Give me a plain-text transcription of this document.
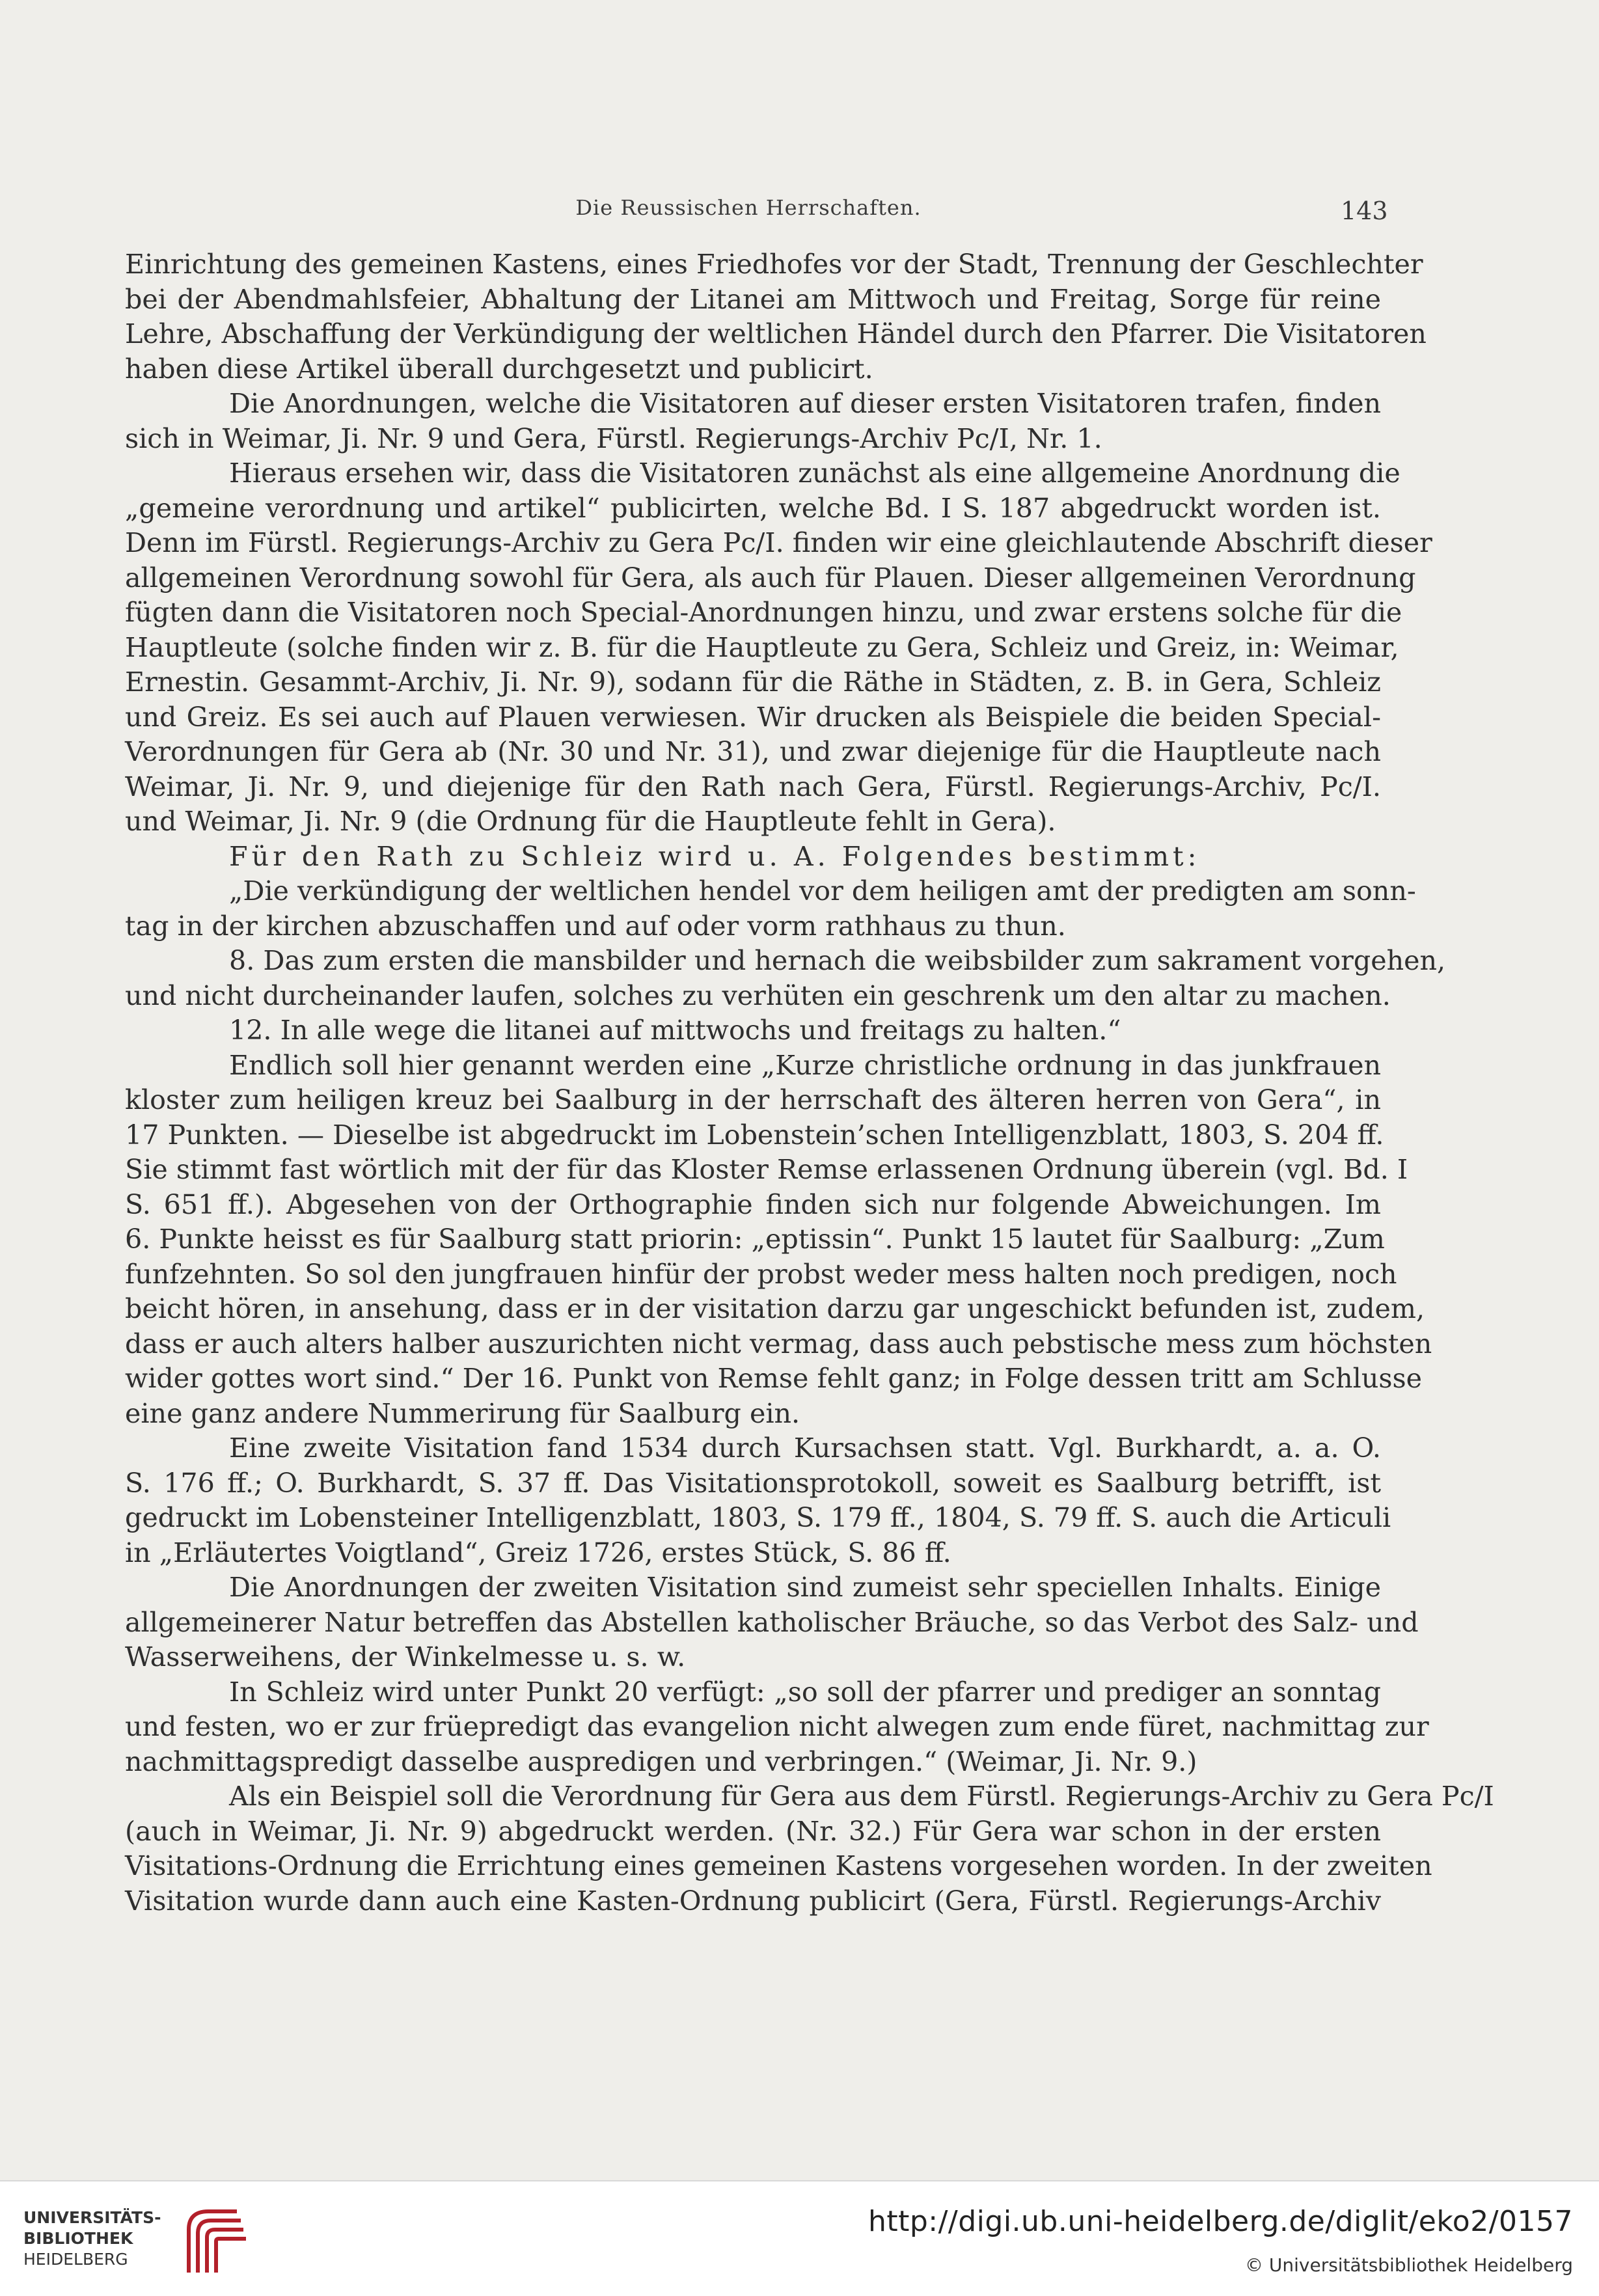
Die Reussischen Herrschaften.	143
Einrichtung des gemeinen Kastens, eines Friedhofes vor der Stadt, Trennung der Geschlechter
bei der Abendmahlsfeier, Abhaltung der Litanei am Mittwoch und Freitag, Sorge für reine
Lehre, Abschaffung der Verkündigung der weltlichen Händel durch den Pfarrer. Die Visitatoren
haben diese Artikel überall durchgesetzt und publicirt.
Die Anordnungen, welche die Visitatoren auf dieser ersten Visitatoren trafen, finden
sich in Weimar, Ji. Nr. 9 und Gera, Fürstl. Regierungs-Archiv Pc/I, Nr. 1.
Hieraus ersehen wir, dass die Visitatoren zunächst als eine allgemeine Anordnung die
„gemeine verordnung und artikel“ publicirten, welche Bd. I S. 187 abgedruckt worden ist.
Denn im Fürstl. Regierungs-Archiv zu Gera Pc/I. finden wir eine gleichlautende Abschrift dieser
allgemeinen Verordnung sowohl für Gera, als auch für Plauen. Dieser allgemeinen Verordnung
fügten dann die Visitatoren noch Special-Anordnungen hinzu, und zwar erstens solche für die
Hauptleute (solche finden wir z. B. für die Hauptleute zu Gera, Schleiz und Greiz, in: Weimar,
Ernestin. Gesammt-Archiv, Ji. Nr. 9), sodann für die Räthe in Städten, z. B. in Gera, Schleiz
und Greiz. Es sei auch auf Plauen verwiesen. Wir drucken als Beispiele die beiden Special-
Verordnungen für Gera ab (Nr. 30 und Nr. 31), und zwar diejenige für die Hauptleute nach
Weimar, Ji. Nr. 9, und diejenige für den Rath nach Gera, Fürstl. Regierungs-Archiv, Pc/I.
und Weimar, Ji. Nr. 9 (die Ordnung für die Hauptleute fehlt in Gera).
Für den Rath zu Schleiz wird u. A. Folgendes bestimmt:
„Die verkündigung der weltlichen hendel vor dem heiligen amt der predigten am sonn-
tag in der kirchen abzuschaffen und auf oder vorm rathhaus zu thun.
8. Das zum ersten die mansbilder und hernach die weibsbilder zum sakrament vorgehen,
und nicht durcheinander laufen, solches zu verhüten ein geschrenk um den altar zu machen.
12. In alle wege die litanei auf mittwochs und freitags zu halten.“
Endlich soll hier genannt werden eine „Kurze christliche ordnung in das junkfrauen
kloster zum heiligen kreuz bei Saalburg in der herrschaft des älteren herren von Gera“, in
17 Punkten. — Dieselbe ist abgedruckt im Lobenstein’schen Intelligenzblatt, 1803, S. 204 ff.
Sie stimmt fast wörtlich mit der für das Kloster Remse erlassenen Ordnung überein (vgl. Bd. I
S. 651 ff.). Abgesehen von der Orthographie finden sich nur folgende Abweichungen. Im
6. Punkte heisst es für Saalburg statt priorin: „eptissin“. Punkt 15 lautet für Saalburg: „Zum
funfzehnten. So sol den jungfrauen hinfür der probst weder mess halten noch predigen, noch
beicht hören, in ansehung, dass er in der visitation darzu gar ungeschickt befunden ist, zudem,
dass er auch alters halber auszurichten nicht vermag, dass auch pebstische mess zum höchsten
wider gottes wort sind.“ Der 16. Punkt von Remse fehlt ganz; in Folge dessen tritt am Schlusse
eine ganz andere Nummerirung für Saalburg ein.
Eine zweite Visitation fand 1534 durch Kursachsen statt. Vgl. Burkhardt, a. a. O.
S. 176 ff.; O. Burkhardt, S. 37 ff. Das Visitationsprotokoll, soweit es Saalburg betrifft, ist
gedruckt im Lobensteiner Intelligenzblatt, 1803, S. 179 ff., 1804, S. 79 ff. S. auch die Articuli
in „Erläutertes Voigtland“, Greiz 1726, erstes Stück, S. 86 ff.
Die Anordnungen der zweiten Visitation sind zumeist sehr speciellen Inhalts. Einige
allgemeinerer Natur betreffen das Abstellen katholischer Bräuche, so das Verbot des Salz- und
Wasserweihens, der Winkelmesse u. s. w.
In Schleiz wird unter Punkt 20 verfügt: „so soll der pfarrer und prediger an sonntag
und festen, wo er zur früepredigt das evangelion nicht alwegen zum ende füret, nachmittag zur
nachmittagspredigt dasselbe auspredigen und verbringen.“ (Weimar, Ji. Nr. 9.)
Als ein Beispiel soll die Verordnung für Gera aus dem Fürstl. Regierungs-Archiv zu Gera Pc/I
(auch in Weimar, Ji. Nr. 9) abgedruckt werden. (Nr. 32.) Für Gera war schon in der ersten
Visitations-Ordnung die Errichtung eines gemeinen Kastens vorgesehen worden. In der zweiten
Visitation wurde dann auch eine Kasten-Ordnung publicirt (Gera, Fürstl. Regierungs-Archiv
UNIVERSITÄTS-
BIBLIOTHEK
HEIDELBERG
http://digi.ub.uni-heidelberg.de/diglit/eko2/0157
© Universitätsbibliothek Heidelberg
